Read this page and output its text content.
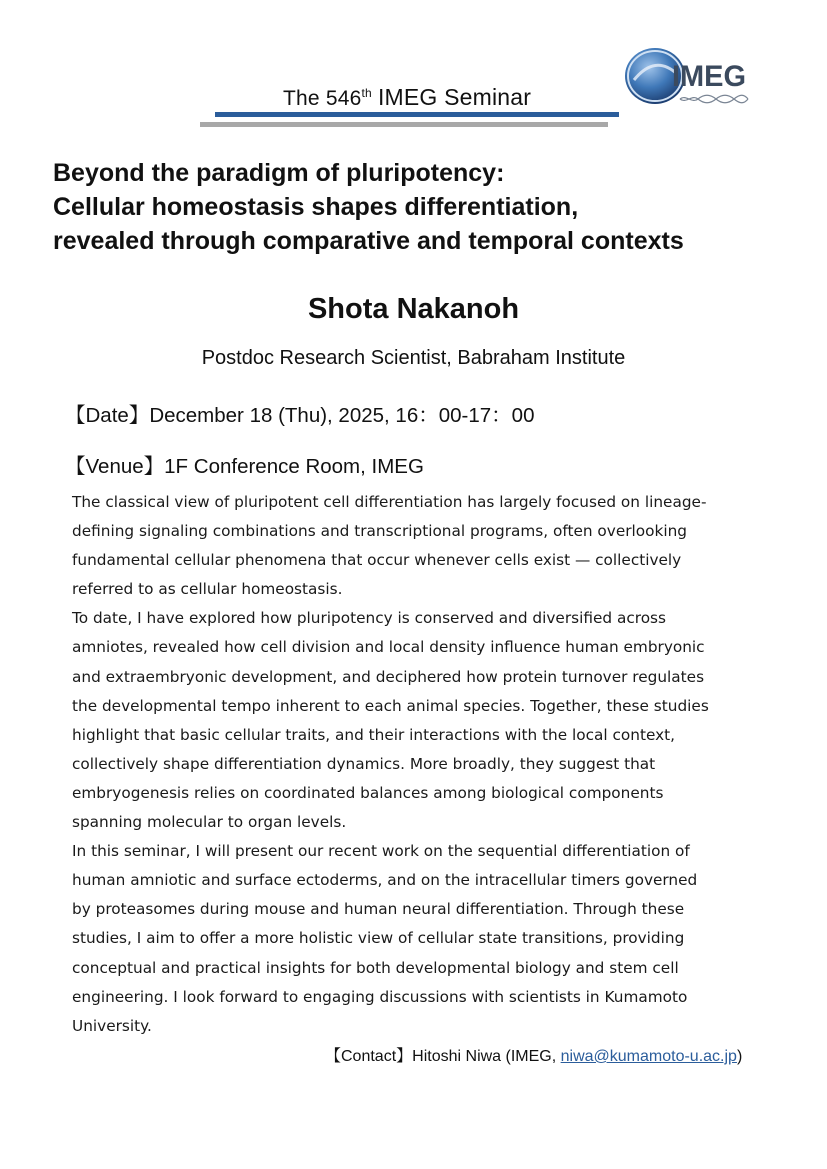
The 546th IMEG Seminar
IMEG
Beyond the paradigm of pluripotency:
Cellular homeostasis shapes differentiation,
revealed through comparative and temporal contexts
Shota Nakanoh
Postdoc Research Scientist, Babraham Institute
【Date】December 18 (Thu), 2025, 16：00-17：00
【Venue】1F Conference Room, IMEG
The classical view of pluripotent cell differentiation has largely focused on lineage-
defining signaling combinations and transcriptional programs, often overlooking
fundamental cellular phenomena that occur whenever cells exist — collectively
referred to as cellular homeostasis.
To date, I have explored how pluripotency is conserved and diversified across
amniotes, revealed how cell division and local density influence human embryonic
and extraembryonic development, and deciphered how protein turnover regulates
the developmental tempo inherent to each animal species. Together, these studies
highlight that basic cellular traits, and their interactions with the local context,
collectively shape differentiation dynamics. More broadly, they suggest that
embryogenesis relies on coordinated balances among biological components
spanning molecular to organ levels.
In this seminar, I will present our recent work on the sequential differentiation of
human amniotic and surface ectoderms, and on the intracellular timers governed
by proteasomes during mouse and human neural differentiation. Through these
studies, I aim to offer a more holistic view of cellular state transitions, providing
conceptual and practical insights for both developmental biology and stem cell
engineering. I look forward to engaging discussions with scientists in Kumamoto
University.
【Contact】Hitoshi Niwa (IMEG, niwa@kumamoto-u.ac.jp)
